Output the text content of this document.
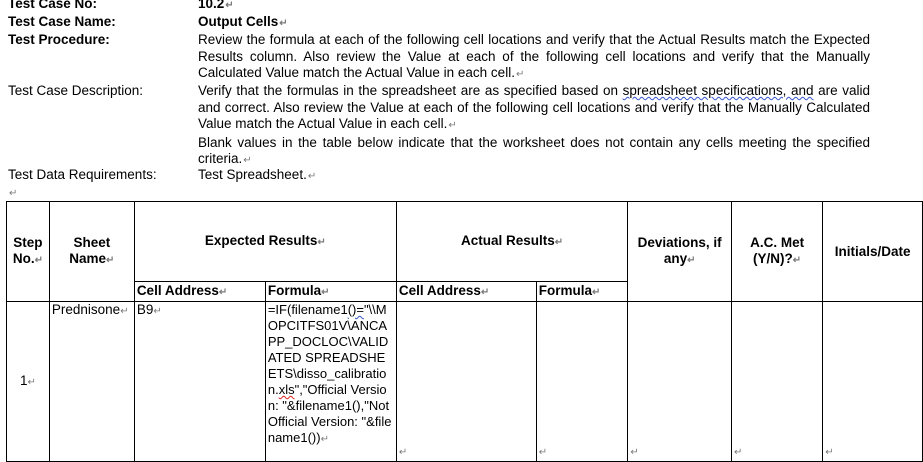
Test Case No:	10.2↵
Test Case Name:	Output Cells↵
Test Procedure:	Review the formula at each of the following cell locations and verify that the Actual Results match the Expected Results column. Also review the Value at each of the following cell locations and verify that the Manually Calculated Value match the Actual Value in each cell.↵
Test Case Description:	Verify that the formulas in the spreadsheet are as specified based on spreadsheet specifications, and are valid and correct. Also review the Value at each of the following cell locations and verify that the Manually Calculated Value match the Actual Value in each cell.↵
Blank values in the table below indicate that the worksheet does not contain any cells meeting the specified criteria.↵
Test Data Requirements:	Test Spreadsheet.↵
↵
Step No.↵	Sheet Name↵	Expected Results↵		Actual Results↵		Deviations, if any↵	A.C. Met (Y/N)?↵	Initials/Date
		Cell Address↵	Formula↵	Cell Address↵	Formula↵			
1↵	Prednisone↵	B9↵	=IF(filename1()="\\MOPCITFS01V\ANCAPP_DOCLOC\VALIDATED SPREADSHEETS\disso_calibration.xls","Official Version: "&filename1(),"Not Official Version: "&filename1())↵	↵	↵	↵	↵	↵
